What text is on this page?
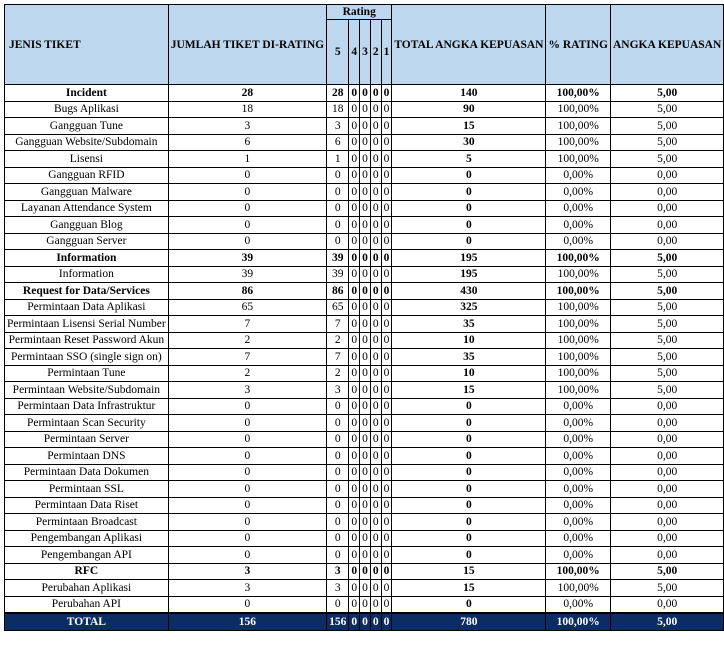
JENIS TIKET	JUMLAH TIKET DI-RATING	Rating					TOTAL ANGKA KEPUASAN	% RATING	ANGKA KEPUASAN
		5	4	3	2	1			
Incident	28	28	0	0	0	0	140	100,00%	5,00
Bugs Aplikasi	18	18	0	0	0	0	90	100,00%	5,00
Gangguan Tune	3	3	0	0	0	0	15	100,00%	5,00
Gangguan Website/Subdomain	6	6	0	0	0	0	30	100,00%	5,00
Lisensi	1	1	0	0	0	0	5	100,00%	5,00
Gangguan RFID	0	0	0	0	0	0	0	0,00%	0,00
Gangguan Malware	0	0	0	0	0	0	0	0,00%	0,00
Layanan Attendance System	0	0	0	0	0	0	0	0,00%	0,00
Gangguan Blog	0	0	0	0	0	0	0	0,00%	0,00
Gangguan Server	0	0	0	0	0	0	0	0,00%	0,00
Information	39	39	0	0	0	0	195	100,00%	5,00
Information	39	39	0	0	0	0	195	100,00%	5,00
Request for Data/Services	86	86	0	0	0	0	430	100,00%	5,00
Permintaan Data Aplikasi	65	65	0	0	0	0	325	100,00%	5,00
Permintaan Lisensi Serial Number	7	7	0	0	0	0	35	100,00%	5,00
Permintaan Reset Password Akun	2	2	0	0	0	0	10	100,00%	5,00
Permintaan SSO (single sign on)	7	7	0	0	0	0	35	100,00%	5,00
Permintaan Tune	2	2	0	0	0	0	10	100,00%	5,00
Permintaan Website/Subdomain	3	3	0	0	0	0	15	100,00%	5,00
Permintaan Data Infrastruktur	0	0	0	0	0	0	0	0,00%	0,00
Permintaan Scan Security	0	0	0	0	0	0	0	0,00%	0,00
Permintaan Server	0	0	0	0	0	0	0	0,00%	0,00
Permintaan DNS	0	0	0	0	0	0	0	0,00%	0,00
Permintaan Data Dokumen	0	0	0	0	0	0	0	0,00%	0,00
Permintaan SSL	0	0	0	0	0	0	0	0,00%	0,00
Permintaan Data Riset	0	0	0	0	0	0	0	0,00%	0,00
Permintaan Broadcast	0	0	0	0	0	0	0	0,00%	0,00
Pengembangan Aplikasi	0	0	0	0	0	0	0	0,00%	0,00
Pengembangan API	0	0	0	0	0	0	0	0,00%	0,00
RFC	3	3	0	0	0	0	15	100,00%	5,00
Perubahan Aplikasi	3	3	0	0	0	0	15	100,00%	5,00
Perubahan API	0	0	0	0	0	0	0	0,00%	0,00
TOTAL	156	156	0	0	0	0	780	100,00%	5,00
